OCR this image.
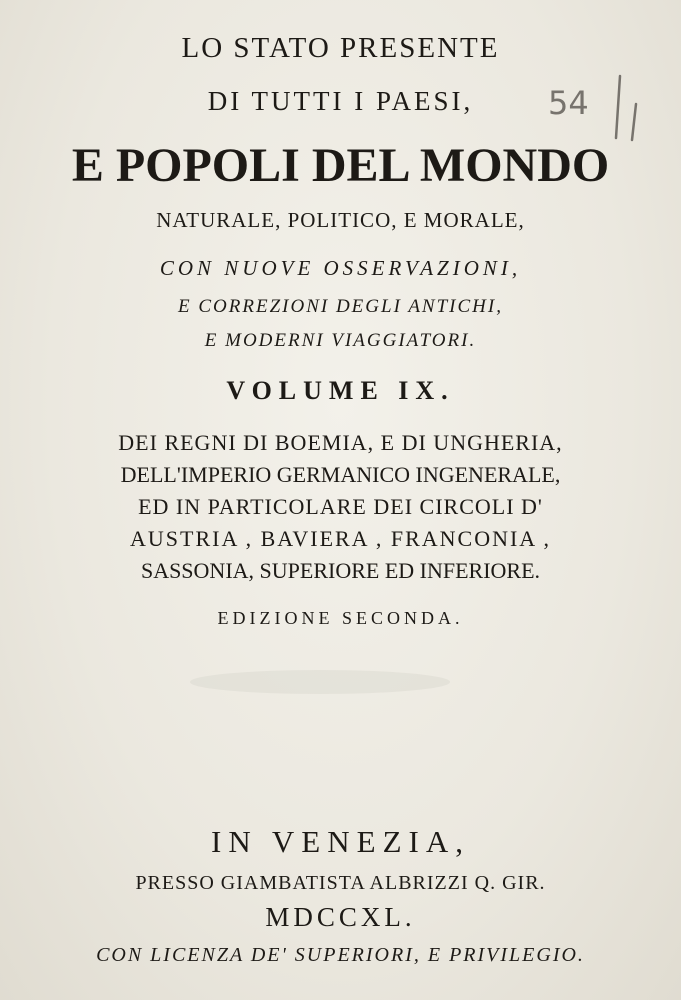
LO STATO PRESENTE
DI TUTTI I PAESI,
E POPOLI DEL MONDO
NATURALE, POLITICO, E MORALE,
CON NUOVE OSSERVAZIONI,
E CORREZIONI DEGLI ANTICHI,
E MODERNI VIAGGIATORI.
VOLUME IX.
DEI REGNI DI BOEMIA, E DI UNGHERIA,
DELL'IMPERIO GERMANICO INGENERALE,
ED IN PARTICOLARE DEI CIRCOLI D'
AUSTRIA , BAVIERA , FRANCONIA ,
SASSONIA, SUPERIORE ED INFERIORE.
EDIZIONE SECONDA.
IN VENEZIA,
PRESSO GIAMBATISTA ALBRIZZI Q. GIR.
MDCCXL.
CON LICENZA DE' SUPERIORI, E PRIVILEGIO.
54
